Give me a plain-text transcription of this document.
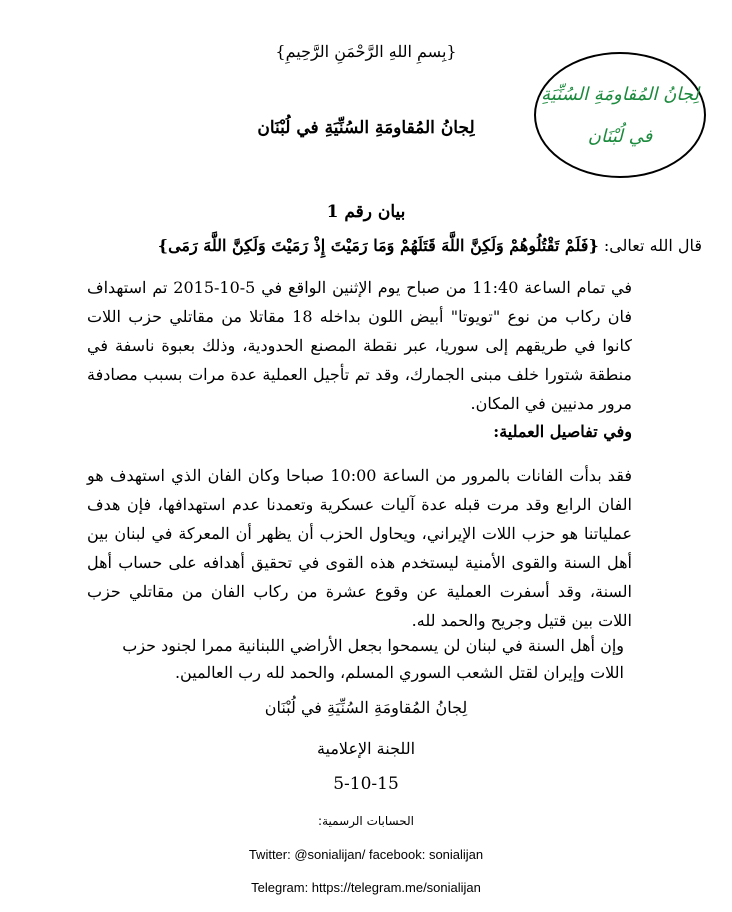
{بِسمِ اللهِ الرَّحْمَنِ الرَّحِيمِ}
لِجانُ المُقاومَةِ السُنِّيَةِ في لُبْنَان
لِجانُ المُقاومَةِ السُنِّيَةِ
في لُبْنَان
بيان رقم 1
قال الله تعالى: {فَلَمْ تَقْتُلُوهُمْ وَلَكِنَّ اللَّهَ قَتَلَهُمْ وَمَا رَمَيْتَ إِذْ رَمَيْتَ وَلَكِنَّ اللَّهَ رَمَى}
في تمام الساعة 11:40 من صباح يوم الإثنين الواقع في 5-10-2015 تم استهداف فان ركاب من نوع "تويوتا" أبيض اللون بداخله 18 مقاتلا من مقاتلي حزب اللات كانوا في طريقهم إلى سوريا، عبر نقطة المصنع الحدودية، وذلك بعبوة ناسفة في منطقة شتورا خلف مبنى الجمارك، وقد تم تأجيل العملية عدة مرات بسبب مصادفة مرور مدنيين في المكان.
وفي تفاصيل العملية:
فقد بدأت الفانات بالمرور من الساعة 10:00 صباحا وكان الفان الذي استهدف هو الفان الرابع وقد مرت قبله عدة آليات عسكرية وتعمدنا عدم استهدافها، فإن هدف عملياتنا هو حزب اللات الإيراني، ويحاول الحزب أن يظهر أن المعركة في لبنان بين أهل السنة والقوى الأمنية ليستخدم هذه القوى في تحقيق أهدافه على حساب أهل السنة، وقد أسفرت العملية عن وقوع عشرة من ركاب الفان من مقاتلي حزب اللات بين قتيل وجريح والحمد لله.
وإن أهل السنة في لبنان لن يسمحوا بجعل الأراضي اللبنانية ممرا لجنود حزب اللات وإيران لقتل الشعب السوري المسلم، والحمد لله رب العالمين.
لِجانُ المُقاومَةِ السُنِّيَةِ في لُبْنَان
اللجنة الإعلامية
5-10-15
الحسابات الرسمية:
Twitter: @sonialijan/ facebook: sonialijan
Telegram: https://telegram.me/sonialijan
